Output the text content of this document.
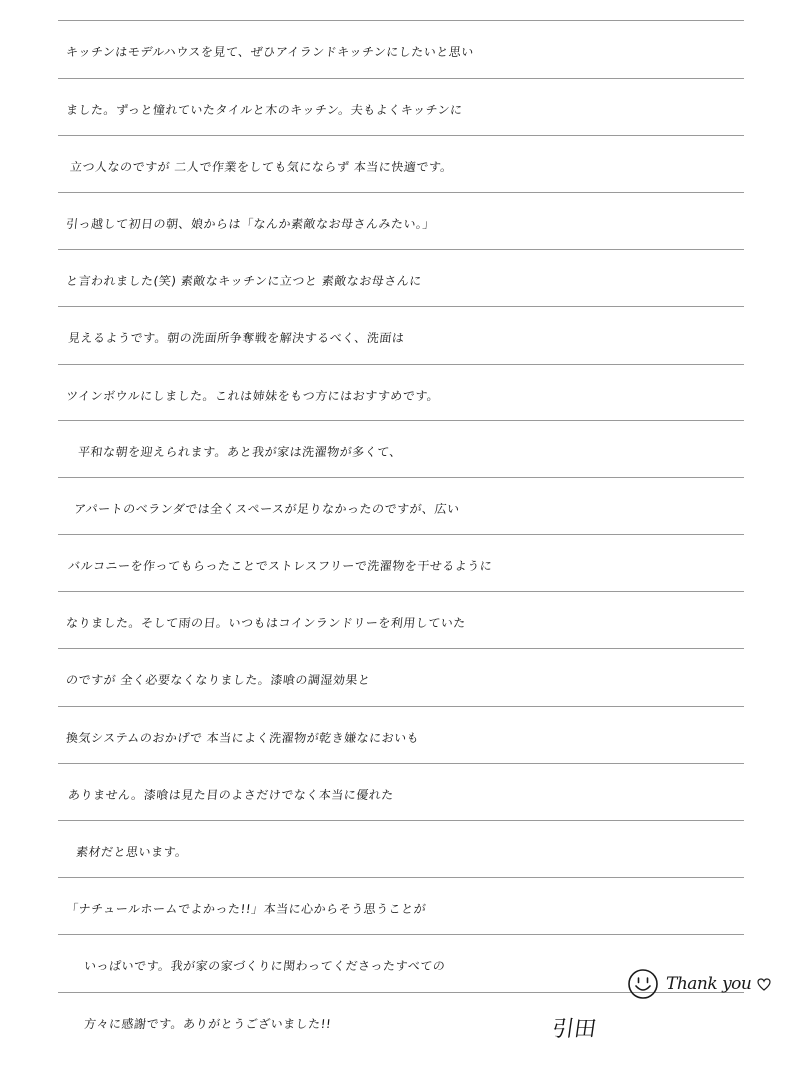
キッチンはモデルハウスを見て、ぜひアイランドキッチンにしたいと思い
ました。ずっと憧れていたタイルと木のキッチン。夫もよくキッチンに
立つ人なのですが 二人で作業をしても気にならず 本当に快適です。
引っ越して初日の朝、娘からは「なんか素敵なお母さんみたい。」
と言われました(笑) 素敵なキッチンに立つと 素敵なお母さんに
見えるようです。朝の洗面所争奪戦を解決するべく、洗面は
ツインボウルにしました。これは姉妹をもつ方にはおすすめです。
平和な朝を迎えられます。あと我が家は洗濯物が多くて、
アパートのベランダでは全くスペースが足りなかったのですが、広い
バルコニーを作ってもらったことでストレスフリーで洗濯物を干せるように
なりました。そして雨の日。いつもはコインランドリーを利用していた
のですが 全く必要なくなりました。漆喰の調湿効果と
換気システムのおかげで 本当によく洗濯物が乾き嫌なにおいも
ありません。漆喰は見た目のよさだけでなく本当に優れた
素材だと思います。
「ナチュールホームでよかった!!」本当に心からそう思うことが
いっぱいです。我が家の家づくりに関わってくださったすべての
方々に感謝です。ありがとうございました!!
Thank you
引田
